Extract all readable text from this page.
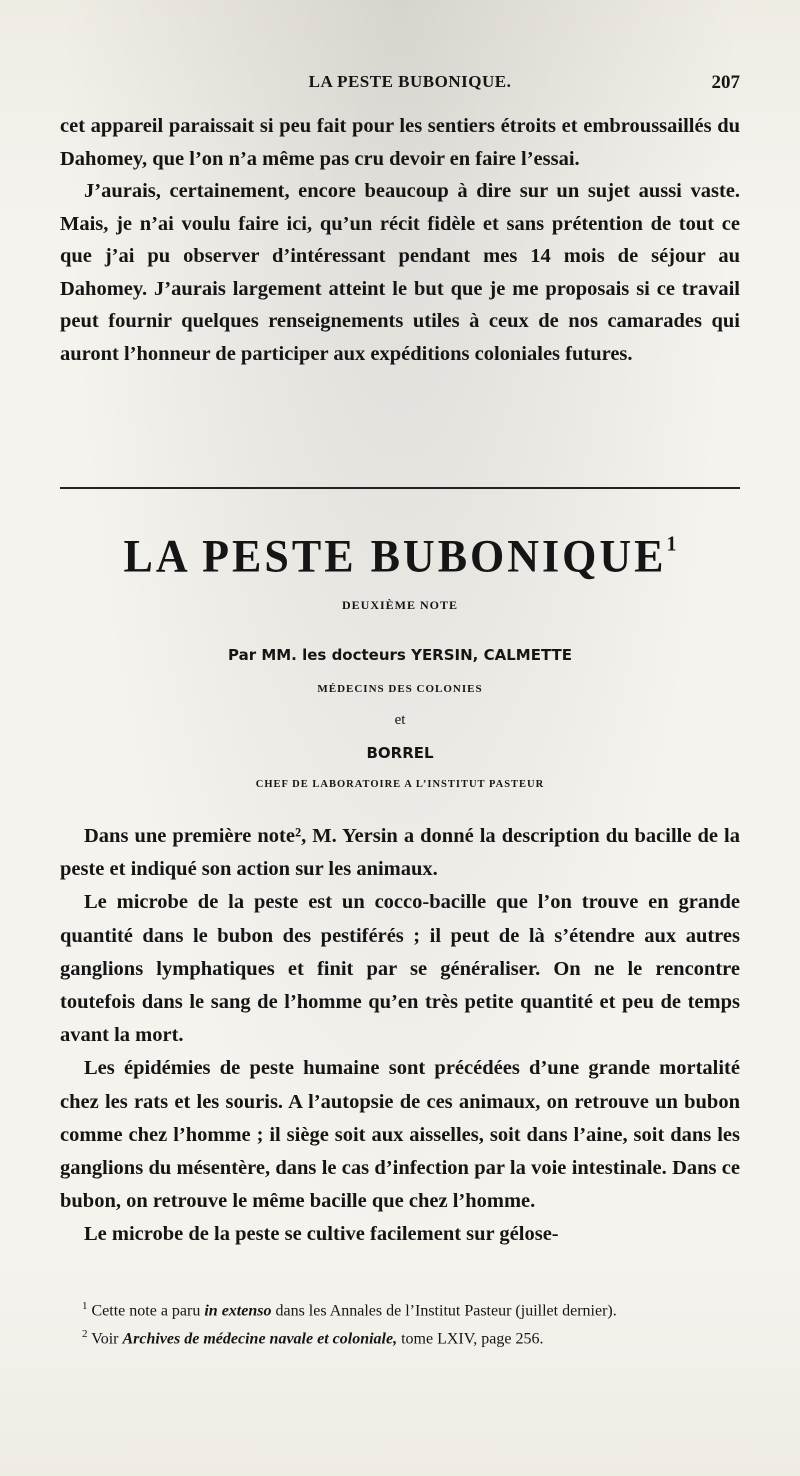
LA PESTE BUBONIQUE.	207

cet appareil paraissait si peu fait pour les sentiers étroits et embroussaillés du Dahomey, que l’on n’a même pas cru devoir en faire l’essai.

J’aurais, certainement, encore beaucoup à dire sur un sujet aussi vaste. Mais, je n’ai voulu faire ici, qu’un récit fidèle et sans prétention de tout ce que j’ai pu observer d’intéressant pendant mes 14 mois de séjour au Dahomey. J’aurais largement atteint le but que je me proposais si ce travail peut fournir quelques renseignements utiles à ceux de nos camarades qui auront l’honneur de participer aux expéditions coloniales futures.

LA PESTE BUBONIQUE$^1$
DEUXIÈME NOTE
Par MM. les docteurs YERSIN, CALMETTE
MÉDECINS DES COLONIES
et
BORREL
CHEF DE LABORATOIRE A L’INSTITUT PASTEUR

Dans une première note², M. Yersin a donné la description du bacille de la peste et indiqué son action sur les animaux.

Le microbe de la peste est un cocco-bacille que l’on trouve en grande quantité dans le bubon des pestiférés ; il peut de là s’étendre aux autres ganglions lymphatiques et finit par se généraliser. On ne le rencontre toutefois dans le sang de l’homme qu’en très petite quantité et peu de temps avant la mort.

Les épidémies de peste humaine sont précédées d’une grande mortalité chez les rats et les souris. A l’autopsie de ces animaux, on retrouve un bubon comme chez l’homme ; il siège soit aux aisselles, soit dans l’aine, soit dans les ganglions du mésentère, dans le cas d’infection par la voie intestinale. Dans ce bubon, on retrouve le même bacille que chez l’homme.

Le microbe de la peste se cultive facilement sur gélose-

$^1$ Cette note a paru in extenso dans les Annales de l’Institut Pasteur (juillet dernier).

$^2$ Voir Archives de médecine navale et coloniale, tome LXIV, page 256.
